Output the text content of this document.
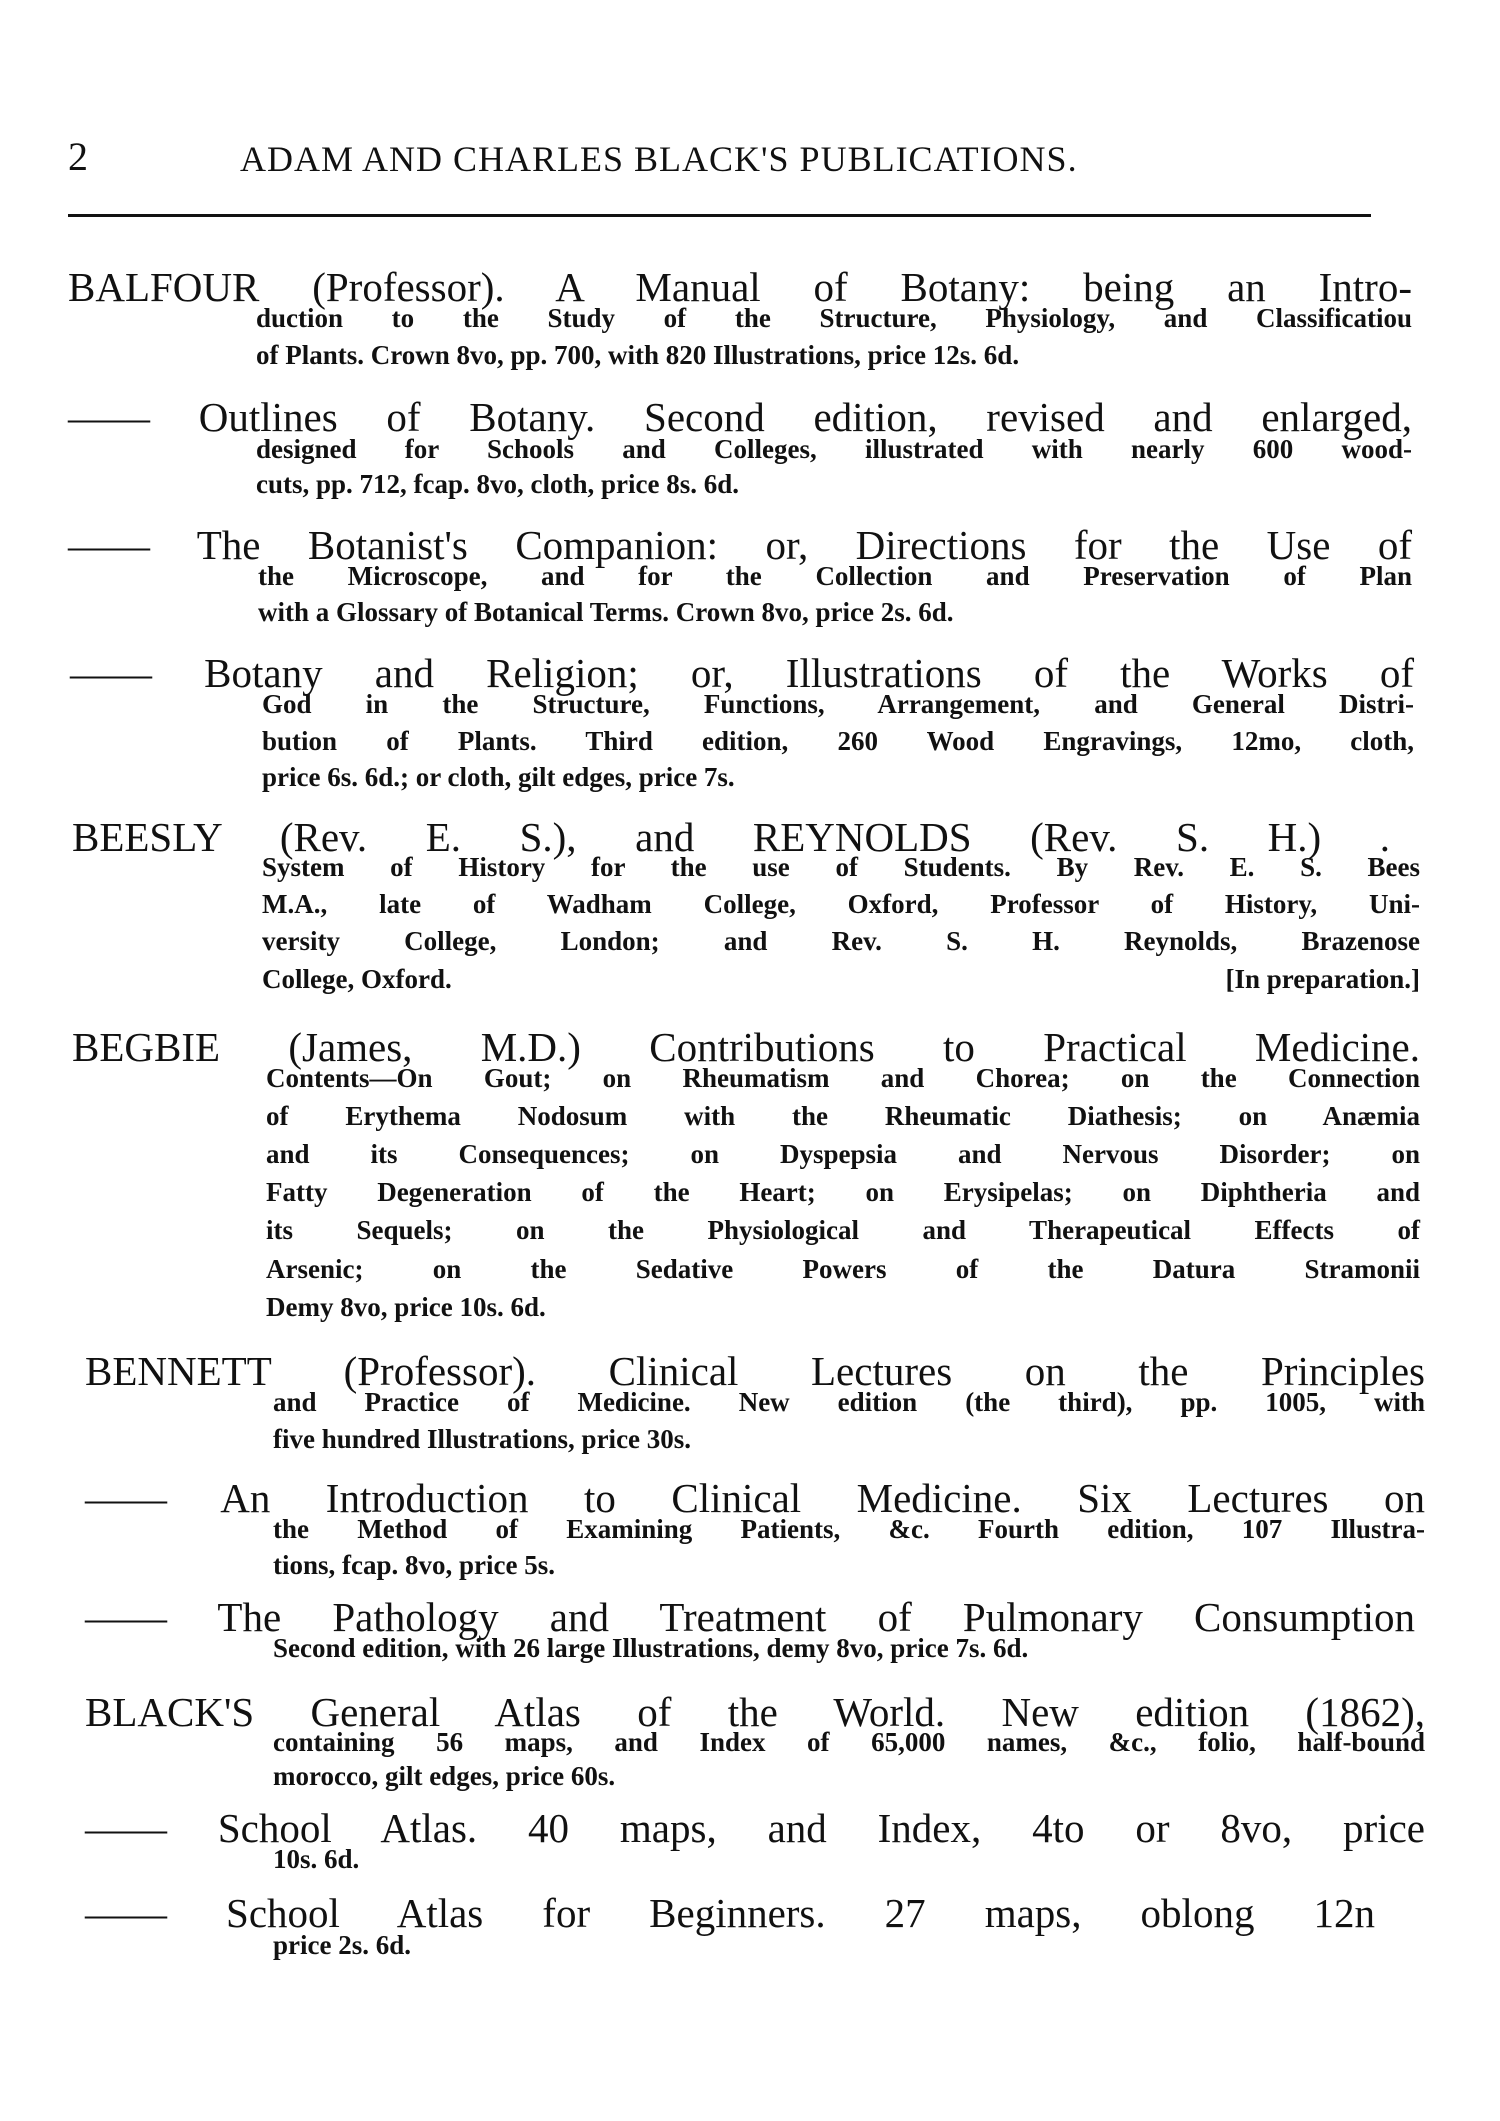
2	ADAM AND CHARLES BLACK'S PUBLICATIONS.
BALFOUR (Professor). A Manual of Botany: being an Intro-
duction to the Study of the Structure, Physiology, and Classificatiou
of Plants. Crown 8vo, pp. 700, with 820 Illustrations, price 12s. 6d.
—— Outlines of Botany. Second edition, revised and enlarged,
designed for Schools and Colleges, illustrated with nearly 600 wood-
cuts, pp. 712, fcap. 8vo, cloth, price 8s. 6d.
—— The Botanist's Companion: or, Directions for the Use of
the Microscope, and for the Collection and Preservation of Plan
with a Glossary of Botanical Terms. Crown 8vo, price 2s. 6d.
—— Botany and Religion; or, Illustrations of the Works of
God in the Structure, Functions, Arrangement, and General Distri-
bution of Plants. Third edition, 260 Wood Engravings, 12mo, cloth,
price 6s. 6d.; or cloth, gilt edges, price 7s.
BEESLY (Rev. E. S.), and REYNOLDS (Rev. S. H.) .
System of History for the use of Students. By Rev. E. S. Bees
M.A., late of Wadham College, Oxford, Professor of History, Uni-
versity College, London; and Rev. S. H. Reynolds, Brazenose
College, Oxford.	[In preparation.]
BEGBIE (James, M.D.) Contributions to Practical Medicine.
Contents—On Gout; on Rheumatism and Chorea; on the Connection
of Erythema Nodosum with the Rheumatic Diathesis; on Anæmia
and its Consequences; on Dyspepsia and Nervous Disorder; on
Fatty Degeneration of the Heart; on Erysipelas; on Diphtheria and
its Sequels; on the Physiological and Therapeutical Effects of
Arsenic; on the Sedative Powers of the Datura Stramonii
Demy 8vo, price 10s. 6d.
BENNETT (Professor). Clinical Lectures on the Principles
and Practice of Medicine. New edition (the third), pp. 1005, with
five hundred Illustrations, price 30s.
—— An Introduction to Clinical Medicine. Six Lectures on
the Method of Examining Patients, &c. Fourth edition, 107 Illustra-
tions, fcap. 8vo, price 5s.
—— The Pathology and Treatment of Pulmonary Consumption
Second edition, with 26 large Illustrations, demy 8vo, price 7s. 6d.
BLACK'S General Atlas of the World. New edition (1862),
containing 56 maps, and Index of 65,000 names, &c., folio, half-bound
morocco, gilt edges, price 60s.
—— School Atlas. 40 maps, and Index, 4to or 8vo, price
10s. 6d.
—— School Atlas for Beginners. 27 maps, oblong 12n
price 2s. 6d.
